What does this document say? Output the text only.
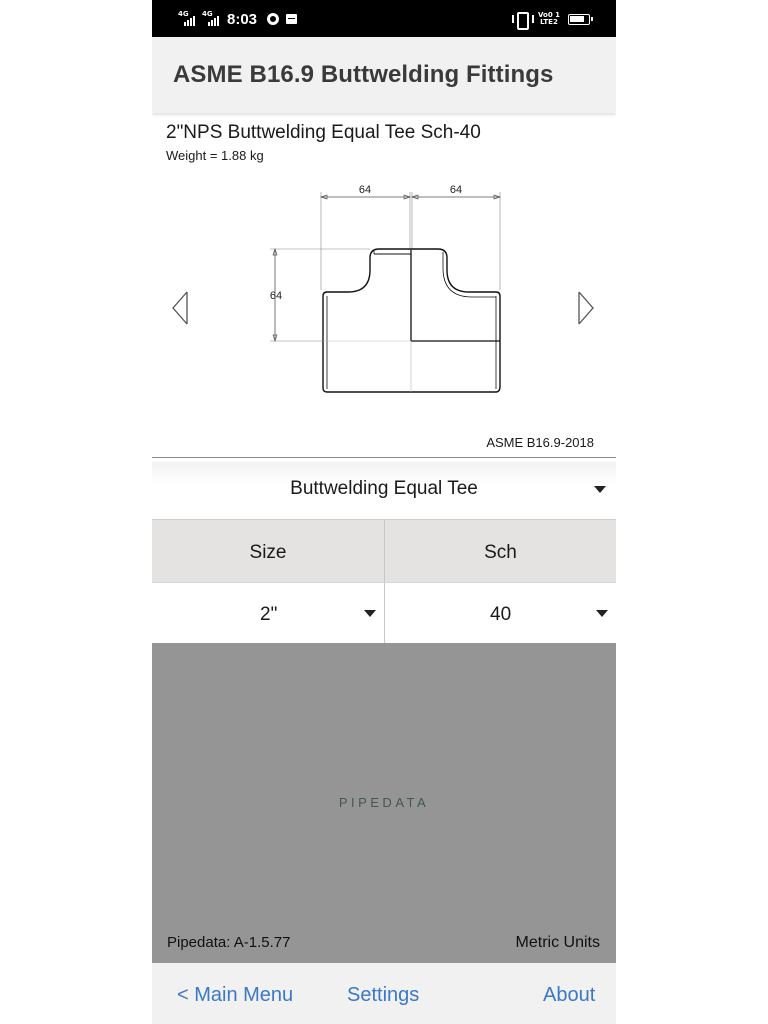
4G 4G 8:03	Vo0 1
LTE2
ASME B16.9 Buttwelding Fittings
2"NPS Buttwelding Equal Tee Sch-40
Weight = 1.88 kg
64	64
64
ASME B16.9-2018
Buttwelding Equal Tee
Size	Sch
2"	40
PIPEDATA
Pipedata: A-1.5.77	Metric Units
< Main Menu	Settings	About
